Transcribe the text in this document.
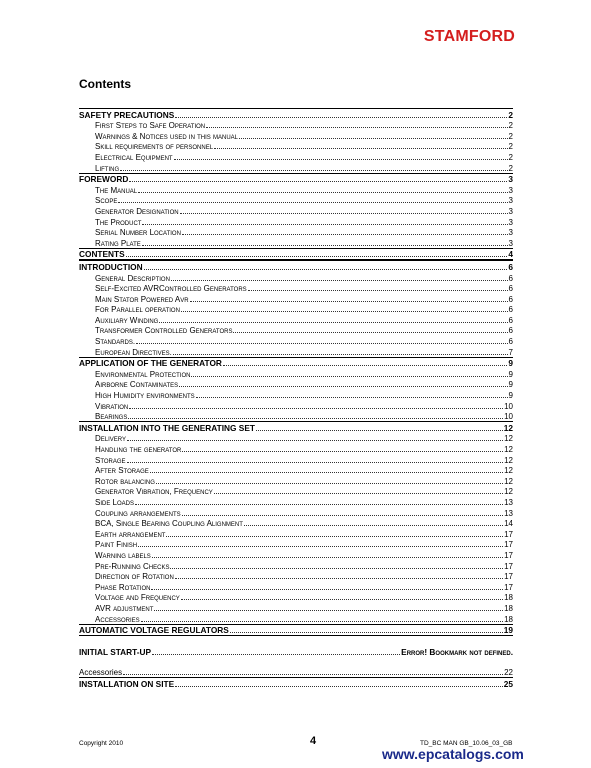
STAMFORD
Contents
SAFETY PRECAUTIONS	2
First Steps to Safe Operation	2
Warnings & Notices used in this manual	2
Skill requirements of personnel	2
Electrical Equipment	2
Lifting	2
FOREWORD	3
The Manual	3
Scope	3
Generator Designation	3
The Product	3
Serial Number Location	3
Rating Plate	3
CONTENTS	4
INTRODUCTION	6
General Description	6
Self-Excited AVRControlled Generators	6
Main Stator Powered Avr	6
For Parallel operation	6
Auxiliary Winding	6
Transformer Controlled Generators	6
Standards.	6
European Directives.	7
APPLICATION OF THE GENERATOR	9
Environmental Protection	9
Airborne Contaminates	9
High Humidity environments	9
Vibration	10
Bearings	10
INSTALLATION INTO THE GENERATING SET	12
Delivery	12
Handling the generator	12
Storage	12
After Storage	12
Rotor balancing	12
Generator Vibration, Frequency	12
Side Loads	13
Coupling arrangements	13
BCA, Single Bearing Coupling Alignment	14
Earth arrangement	17
Paint Finish	17
Warning labels	17
Pre-Running Checks	17
Direction of Rotation	17
Phase Rotation	17
Voltage and Frequency	18
AVR adjustment	18
Accessories	18
AUTOMATIC VOLTAGE REGULATORS	19
INITIAL START-UP	Error! Bookmark not defined.
Accessories	22
INSTALLATION ON SITE	25
Copyright 2010	4	TD_BC MAN GB_10.06_03_GB
www.epcatalogs.com
